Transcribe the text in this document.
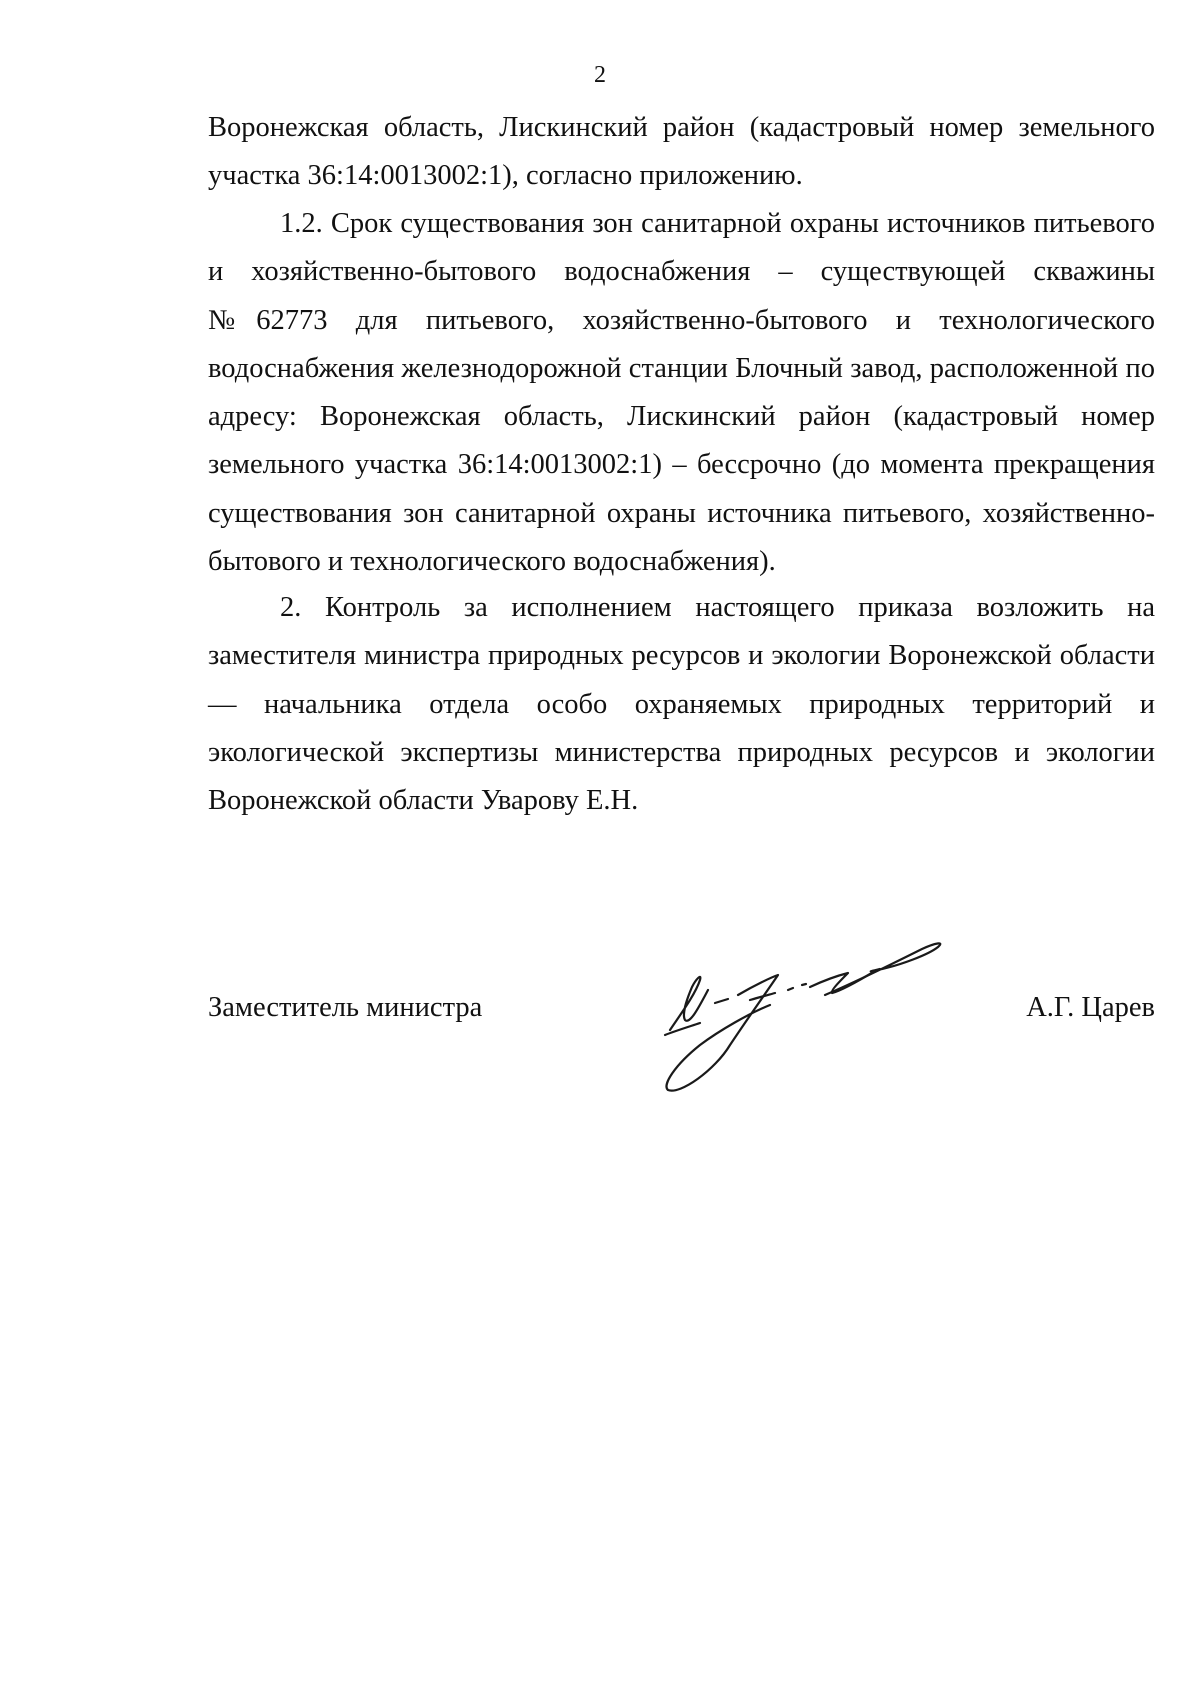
2

Воронежская область, Лискинский район (кадастровый номер земельного участка 36:14:0013002:1), согласно приложению.

1.2. Срок существования зон санитарной охраны источников питьевого и хозяйственно-бытового водоснабжения – существующей скважины №62773 для питьевого, хозяйственно-бытового и технологического водоснабжения железнодорожной станции Блочный завод, расположенной по адресу: Воронежская область, Лискинский район (кадастровый номер земельного участка 36:14:0013002:1) – бессрочно (до момента прекращения существования зон санитарной охраны источника питьевого, хозяйственно-бытового и технологического водоснабжения).

2. Контроль за исполнением настоящего приказа возложить на заместителя министра природных ресурсов и экологии Воронежской области — начальника отдела особо охраняемых природных территорий и экологической экспертизы министерства природных ресурсов и экологии Воронежской области Уварову Е.Н.

Заместитель министра	А.Г. Царев
